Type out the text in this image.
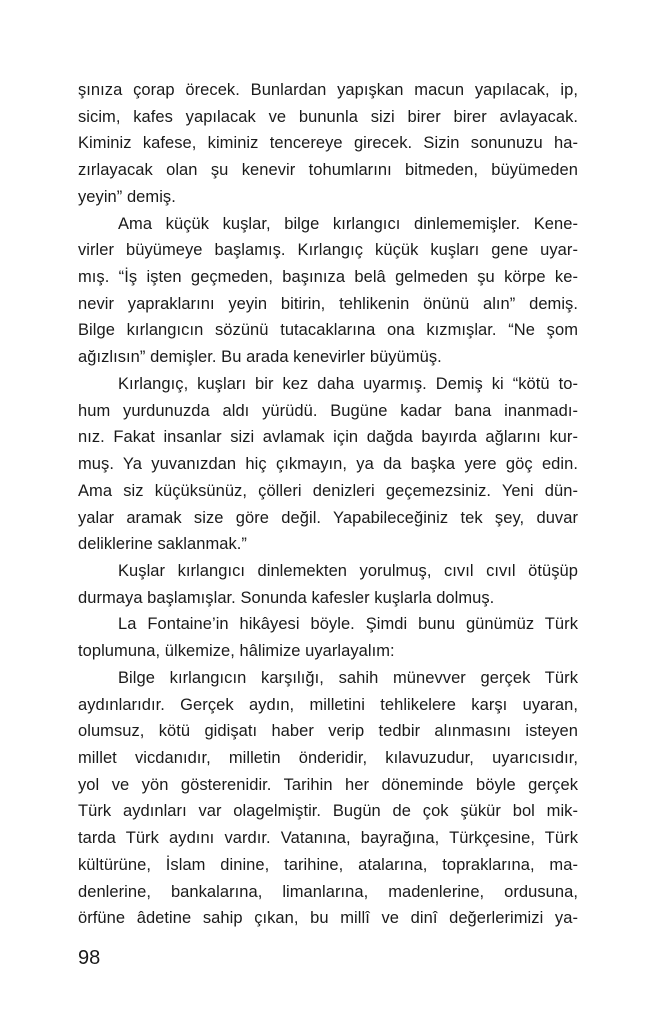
şınıza çorap örecek. Bunlardan yapışkan macun yapılacak, ip,
sicim, kafes yapılacak ve bununla sizi birer birer avlayacak.
Kiminiz kafese, kiminiz tencereye girecek. Sizin sonunuzu ha-
zırlayacak olan şu kenevir tohumlarını bitmeden, büyümeden
yeyin” demiş.
Ama küçük kuşlar, bilge kırlangıcı dinlememişler. Kene-
virler büyümeye başlamış. Kırlangıç küçük kuşları gene uyar-
mış. “İş işten geçmeden, başınıza belâ gelmeden şu körpe ke-
nevir yapraklarını yeyin bitirin, tehlikenin önünü alın” demiş.
Bilge kırlangıcın sözünü tutacaklarına ona kızmışlar. “Ne şom
ağızlısın” demişler. Bu arada kenevirler büyümüş.
Kırlangıç, kuşları bir kez daha uyarmış. Demiş ki “kötü to-
hum yurdunuzda aldı yürüdü. Bugüne kadar bana inanmadı-
nız. Fakat insanlar sizi avlamak için dağda bayırda ağlarını kur-
muş. Ya yuvanızdan hiç çıkmayın, ya da başka yere göç edin.
Ama siz küçüksünüz, çölleri denizleri geçemezsiniz. Yeni dün-
yalar aramak size göre değil. Yapabileceğiniz tek şey, duvar
deliklerine saklanmak.”
Kuşlar kırlangıcı dinlemekten yorulmuş, cıvıl cıvıl ötüşüp
durmaya başlamışlar. Sonunda kafesler kuşlarla dolmuş.
La Fontaine’in hikâyesi böyle. Şimdi bunu günümüz Türk
toplumuna, ülkemize, hâlimize uyarlayalım:
Bilge kırlangıcın karşılığı, sahih münevver gerçek Türk
aydınlarıdır. Gerçek aydın, milletini tehlikelere karşı uyaran,
olumsuz, kötü gidişatı haber verip tedbir alınmasını isteyen
millet vicdanıdır, milletin önderidir, kılavuzudur, uyarıcısıdır,
yol ve yön gösterenidir. Tarihin her döneminde böyle gerçek
Türk aydınları var olagelmiştir. Bugün de çok şükür bol mik-
tarda Türk aydını vardır. Vatanına, bayrağına, Türkçesine, Türk
kültürüne, İslam dinine, tarihine, atalarına, topraklarına, ma-
denlerine, bankalarına, limanlarına, madenlerine, ordusuna,
örfüne âdetine sahip çıkan, bu millî ve dinî değerlerimizi ya-
98
